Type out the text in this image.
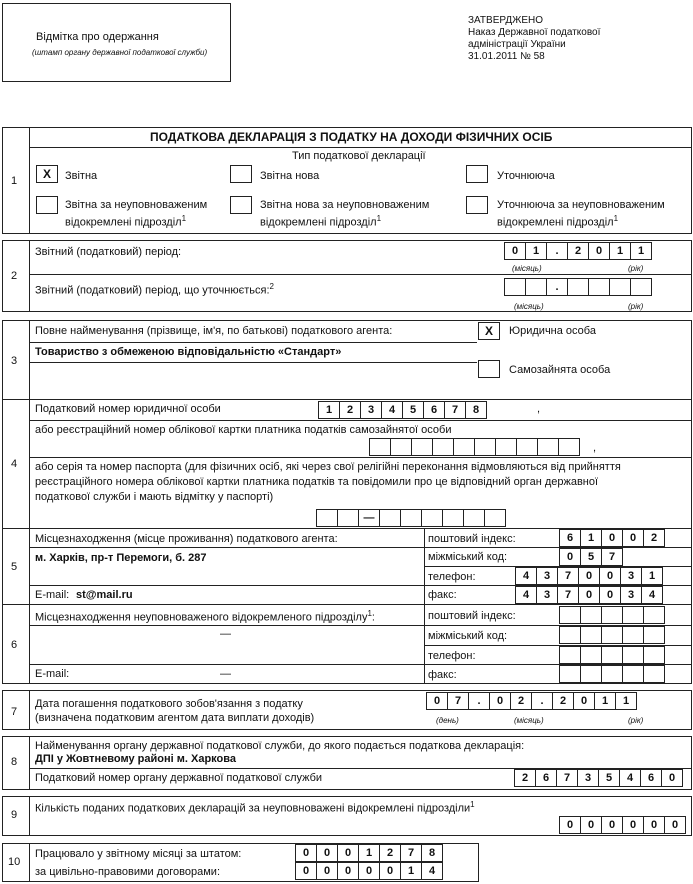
Відмітка про одержання
(штамп органу державної податкової служби)
ЗАТВЕРДЖЕНО
Наказ Державної податкової
адміністрації України
31.01.2011 № 58
1
ПОДАТКОВА ДЕКЛАРАЦІЯ З ПОДАТКУ НА ДОХОДИ ФІЗИЧНИХ ОСІБ
Тип податкової декларації
X	Звітна	Звітна нова	Уточнююча
Звітна за неуповноваженим
відокремлені підрозділ$^1$
Звітна нова за неуповноваженим
відокремлені підрозділ$^1$
Уточнююча за неуповноваженим
відокремлені підрозділ$^1$
2
Звітний (податковий) період:	0	1	.	2	0	1	1
(місяць)	(рік)
Звітний (податковий) період, що уточнюється:$^2$	.
(місяць)	(рік)
3
Повне найменування (прізвище, ім'я, по батькові) податкового агента:
Товариство з обмеженою відповідальністю «Стандарт»
X	Юридична особа
Самозайнята особа
4
Податковий номер юридичної особи	1	2	3	4	5	6	7	8	,
або реєстраційний номер облікової картки платника податків самозайнятої особи
,
або серія та номер паспорта (для фізичних осіб, які через свої релігійні переконання відмовляються від прийняття
реєстраційного номера облікової картки платника податків та повідомили про це відповідний орган державної
податкової служби і мають відмітку у паспорті)
—
5
Місцезнаходження (місце проживання) податкового агента:
м. Харків, пр-т Перемоги, б. 287
поштовий індекс:	6	1	0	0	2
міжміський код:	0	5	7
телефон:	4	3	7	0	0	3	1
E-mail: st@mail.ru	факс:	4	3	7	0	0	3	4
6
Місцезнаходження неуповноваженого відокремленого підрозділу$^1$:
—
поштовий індекс:
міжміський код:
телефон:
E-mail:	—	факс:
7
Дата погашення податкового зобов'язання з податку
(визначена податковим агентом дата виплати доходів)
0	7	.	0	2	.	2	0	1	1
(день)	(місяць)	(рік)
8
Найменування органу державної податкової служби, до якого подається податкова декларація:
ДПІ у Жовтневому районі м. Харкова
Податковий номер органу державної податкової служби	2	6	7	3	5	4	6	0
9
Кількість поданих податкових декларацій за неуповноважені відокремлені підрозділи$^1$
0	0	0	0	0	0
10
Працювало у звітному місяці за штатом:	0	0	0	1	2	7	8
за цивільно-правовими договорами:	0	0	0	0	0	1	4
